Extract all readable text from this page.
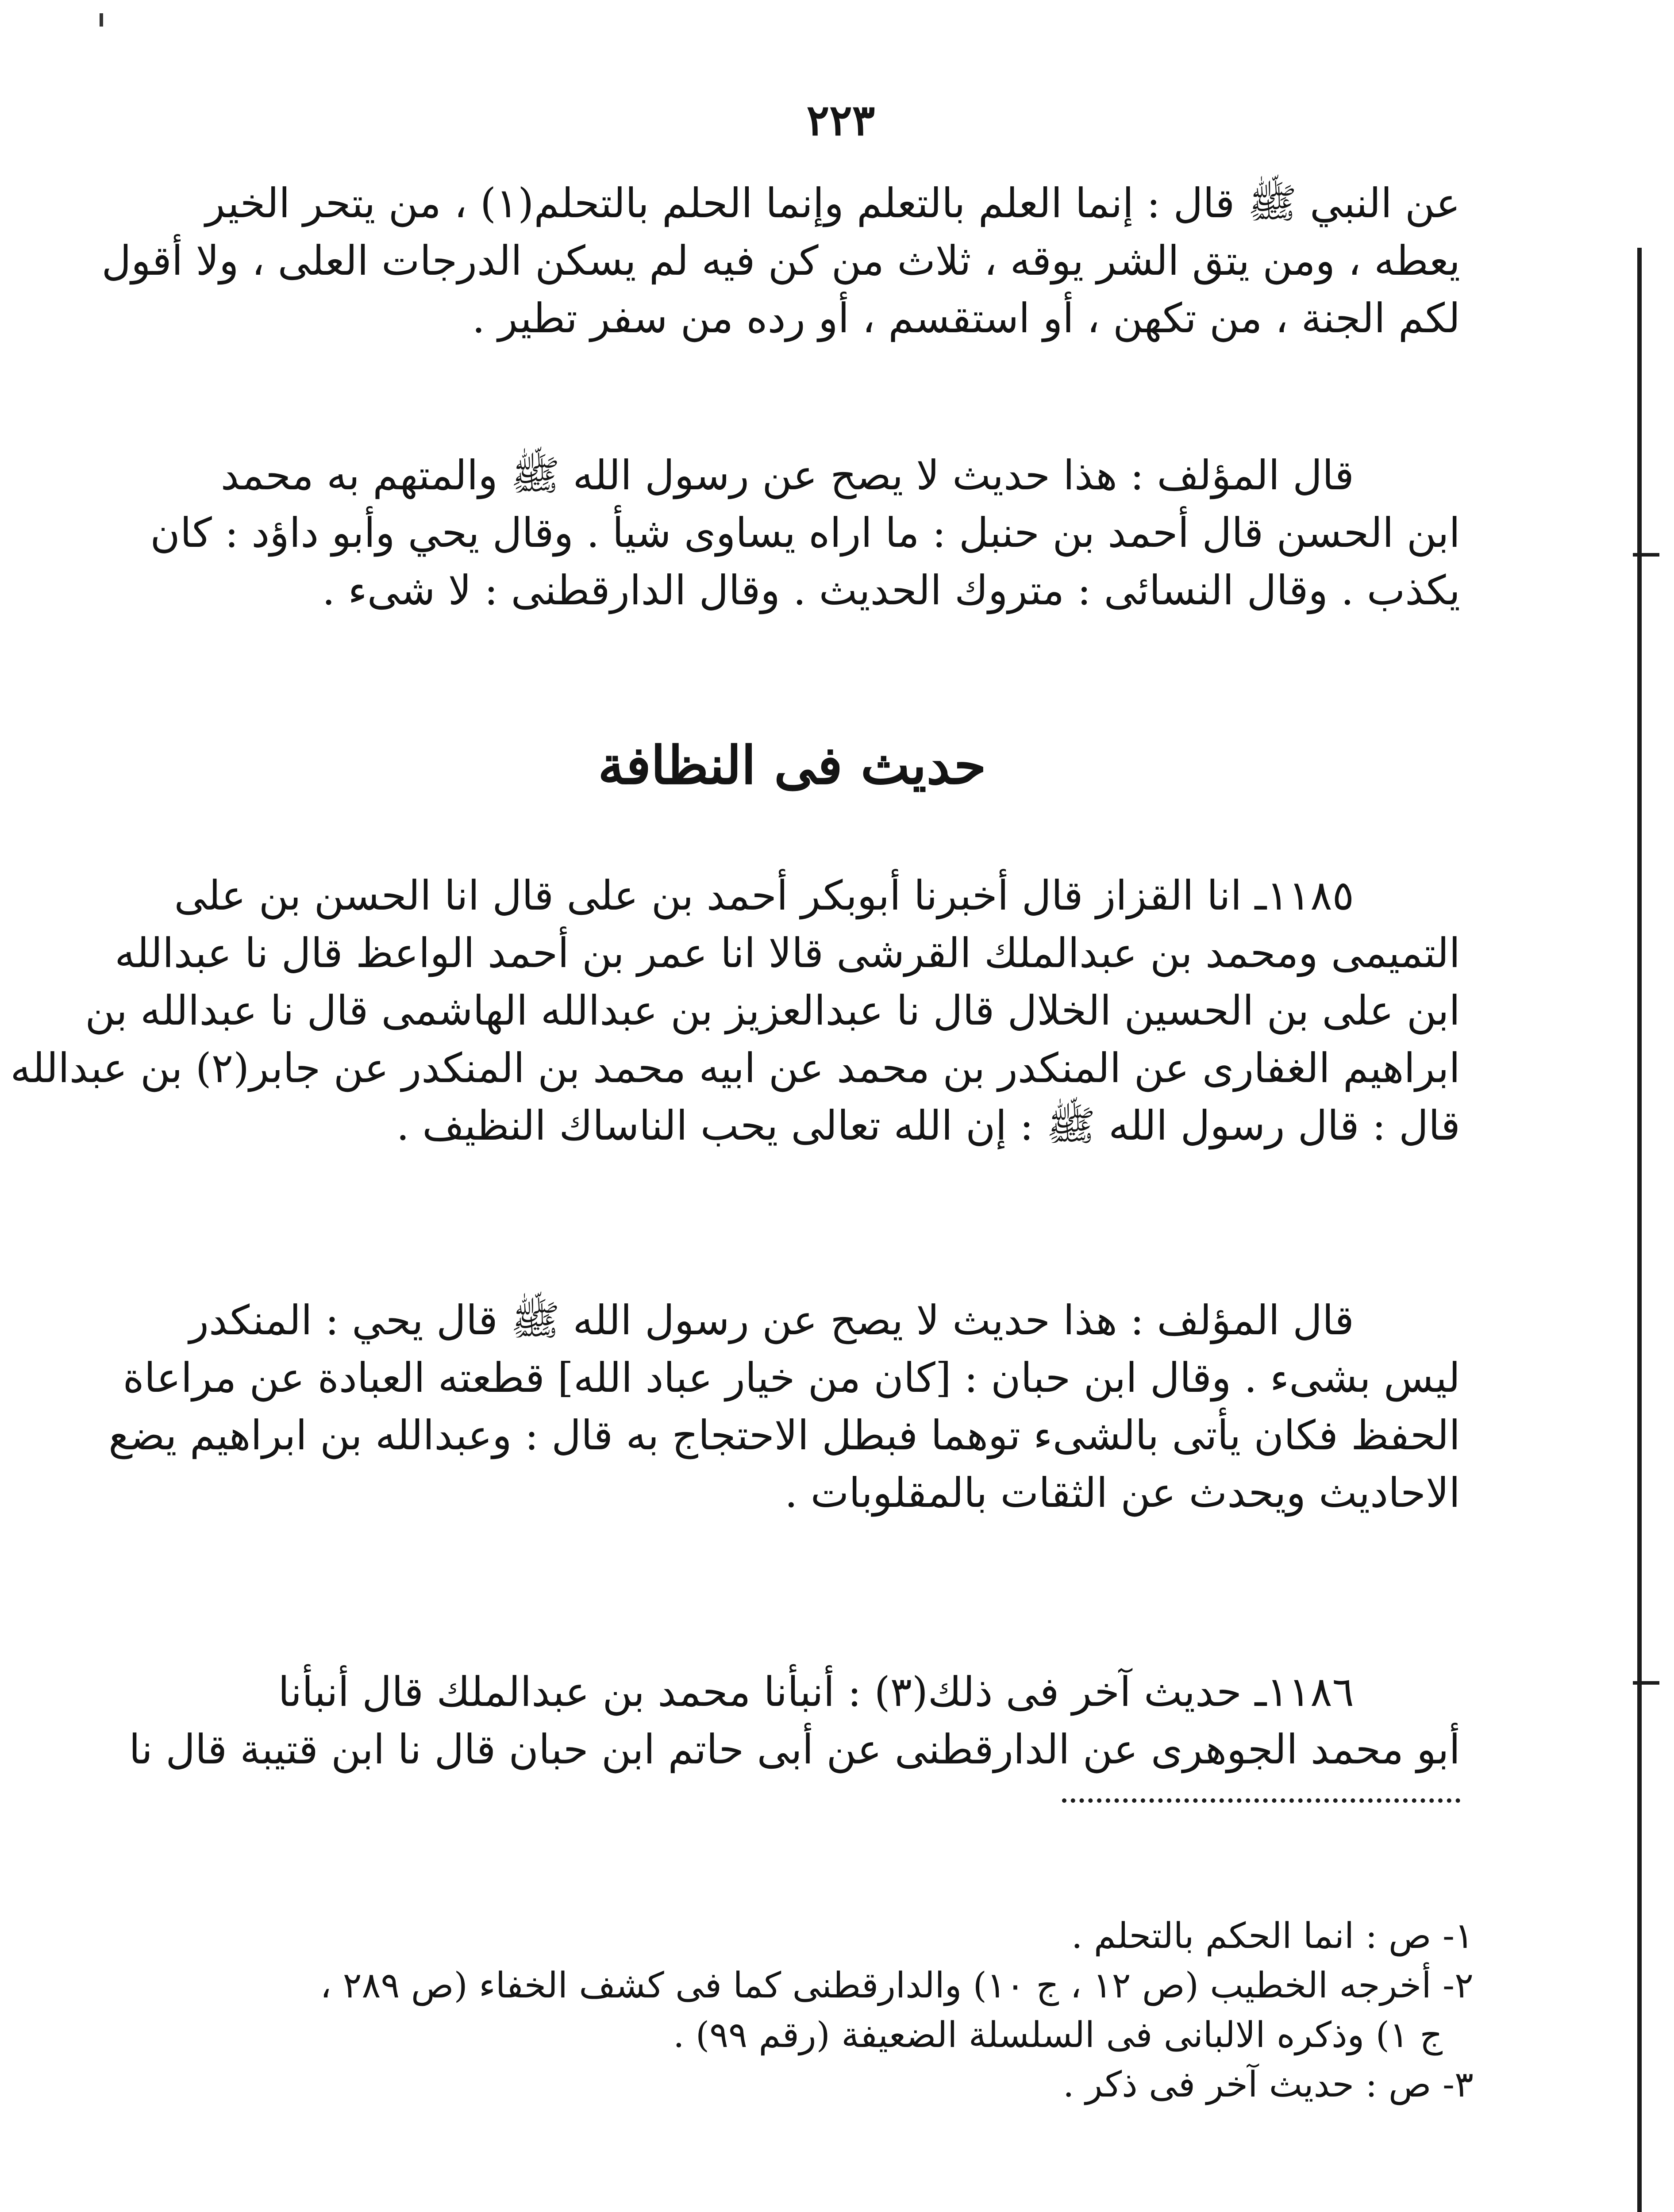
٢٢٣
عن النبي ﷺ قال : إنما العلم بالتعلم وإنما الحلم بالتحلم(١) ، من يتحر الخير
يعطه ، ومن يتق الشر يوقه ، ثلاث من كن فيه لم يسكن الدرجات العلى ، ولا أقول
لكم الجنة ، من تكهن ، أو استقسم ، أو رده من سفر تطير .
قال المؤلف : هذا حديث لا يصح عن رسول الله ﷺ والمتهم به محمد
ابن الحسن قال أحمد بن حنبل : ما اراه يساوى شيأ . وقال يحي وأبو داؤد : كان
يكذب . وقال النسائى : متروك الحديث . وقال الدارقطنى : لا شىء .
حديث فى النظافة
١١٨٥ـ انا القزاز قال أخبرنا أبوبكر أحمد بن على قال انا الحسن بن على
التميمى ومحمد بن عبدالملك القرشى قالا انا عمر بن أحمد الواعظ قال نا عبدالله
ابن على بن الحسين الخلال قال نا عبدالعزيز بن عبدالله الهاشمى قال نا عبدالله بن
ابراهيم الغفارى عن المنكدر بن محمد عن ابيه محمد بن المنكدر عن جابر(٢) بن عبدالله
قال : قال رسول الله ﷺ : إن الله تعالى يحب الناساك النظيف .
قال المؤلف : هذا حديث لا يصح عن رسول الله ﷺ قال يحي : المنكدر
ليس بشىء . وقال ابن حبان : [كان من خيار عباد الله] قطعته العبادة عن مراعاة
الحفظ فكان يأتى بالشىء توهما فبطل الاحتجاج به قال : وعبدالله بن ابراهيم يضع
الاحاديث ويحدث عن الثقات بالمقلوبات .
١١٨٦ـ حديث آخر فى ذلك(٣) : أنبأنا محمد بن عبدالملك قال أنبأنا
أبو محمد الجوهرى عن الدارقطنى عن أبى حاتم ابن حبان قال نا ابن قتيبة قال نا
١- ص : انما الحكم بالتحلم .
٢- أخرجه الخطيب (ص ١٢ ، ج ١٠) والدارقطنى كما فى كشف الخفاء (ص ٢٨٩ ،
ج ١) وذكره الالبانى فى السلسلة الضعيفة (رقم ٩٩) .
٣- ص : حديث آخر فى ذكر .
